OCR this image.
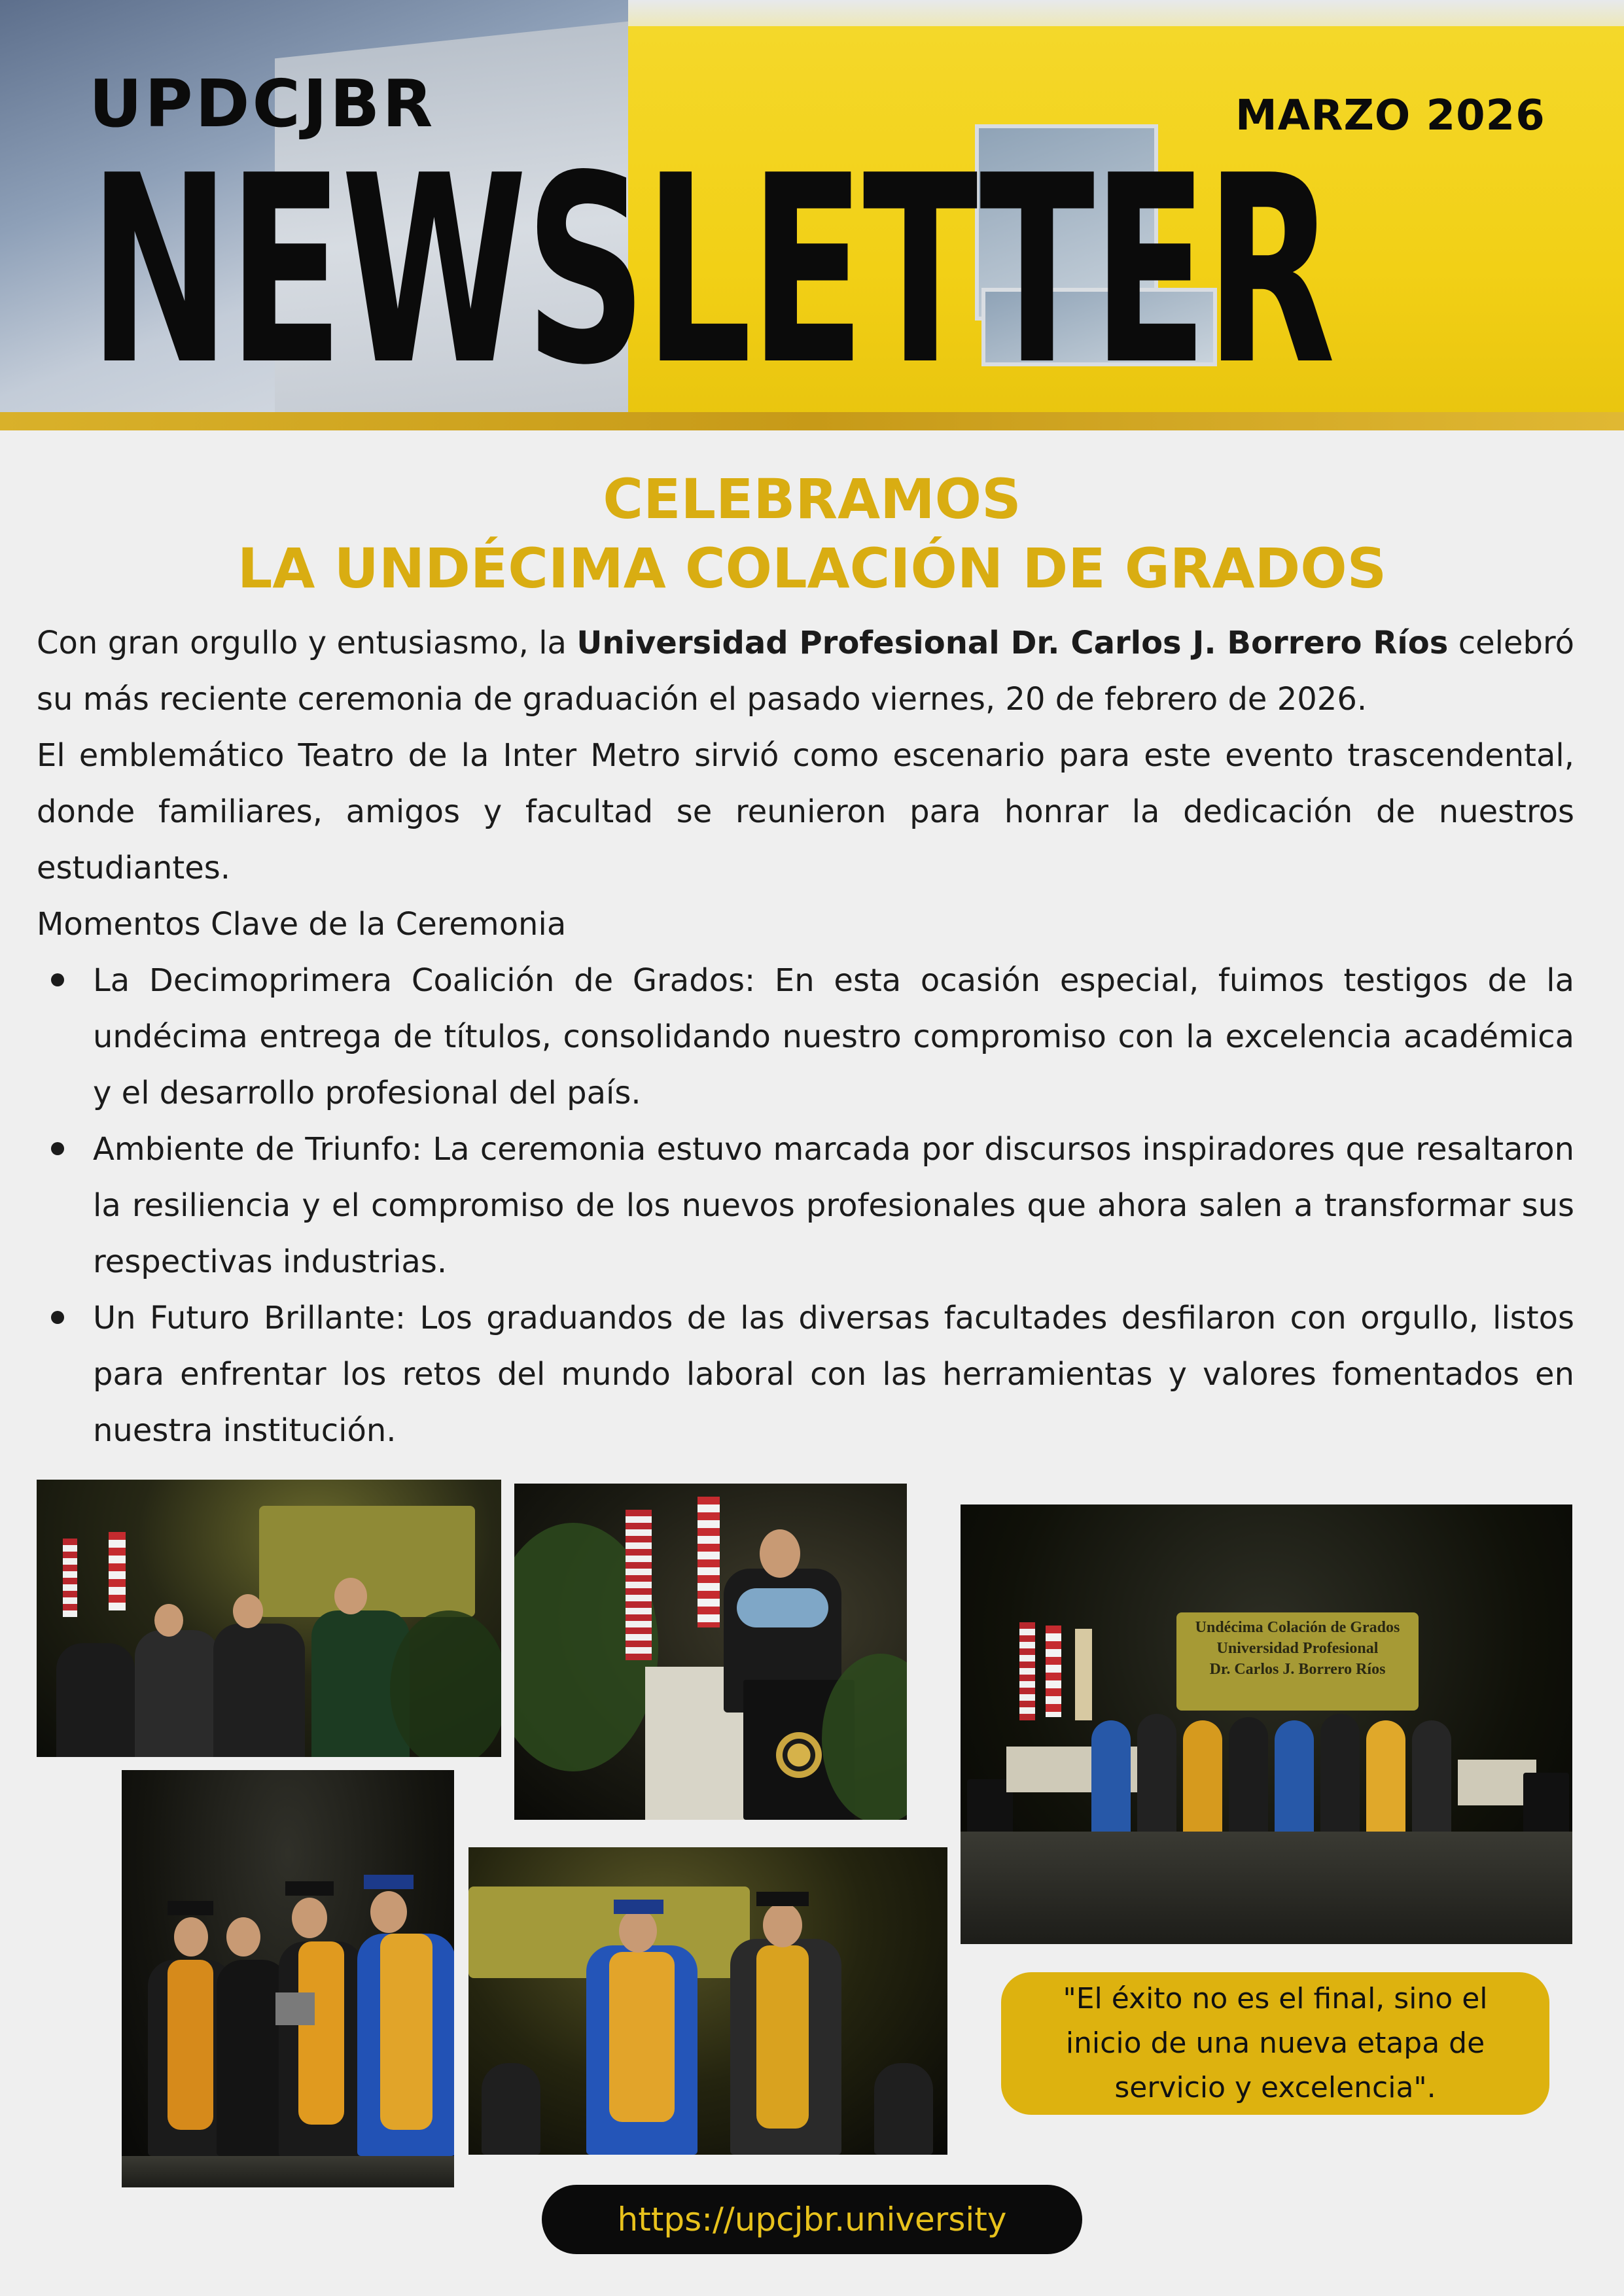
UPDCJBR	MARZO 2026
NEWSLETTER
CELEBRAMOS
LA UNDÉCIMA COLACIÓN DE GRADOS

Con gran orgullo y entusiasmo, la Universidad Profesional Dr. Carlos J. Borrero Ríos celebró su más reciente ceremonia de graduación el pasado viernes, 20 de febrero de 2026.

El emblemático Teatro de la Inter Metro sirvió como escenario para este evento trascendental, donde familiares, amigos y facultad se reunieron para honrar la dedicación de nuestros estudiantes.

Momentos Clave de la Ceremonia

La Decimoprimera Coalición de Grados: En esta ocasión especial, fuimos testigos de la undécima entrega de títulos, consolidando nuestro compromiso con la excelencia académica y el desarrollo profesional del país.
Ambiente de Triunfo: La ceremonia estuvo marcada por discursos inspiradores que resaltaron la resiliencia y el compromiso de los nuevos profesionales que ahora salen a transformar sus respectivas industrias.
Un Futuro Brillante: Los graduandos de las diversas facultades desfilaron con orgullo, listos para enfrentar los retos del mundo laboral con las herramientas y valores fomentados en nuestra institución.
Undécima Colación de Grados
Universidad Profesional
Dr. Carlos J. Borrero Ríos
"El éxito no es el final, sino el inicio de una nueva etapa de servicio y excelencia".
https://upcjbr.university
